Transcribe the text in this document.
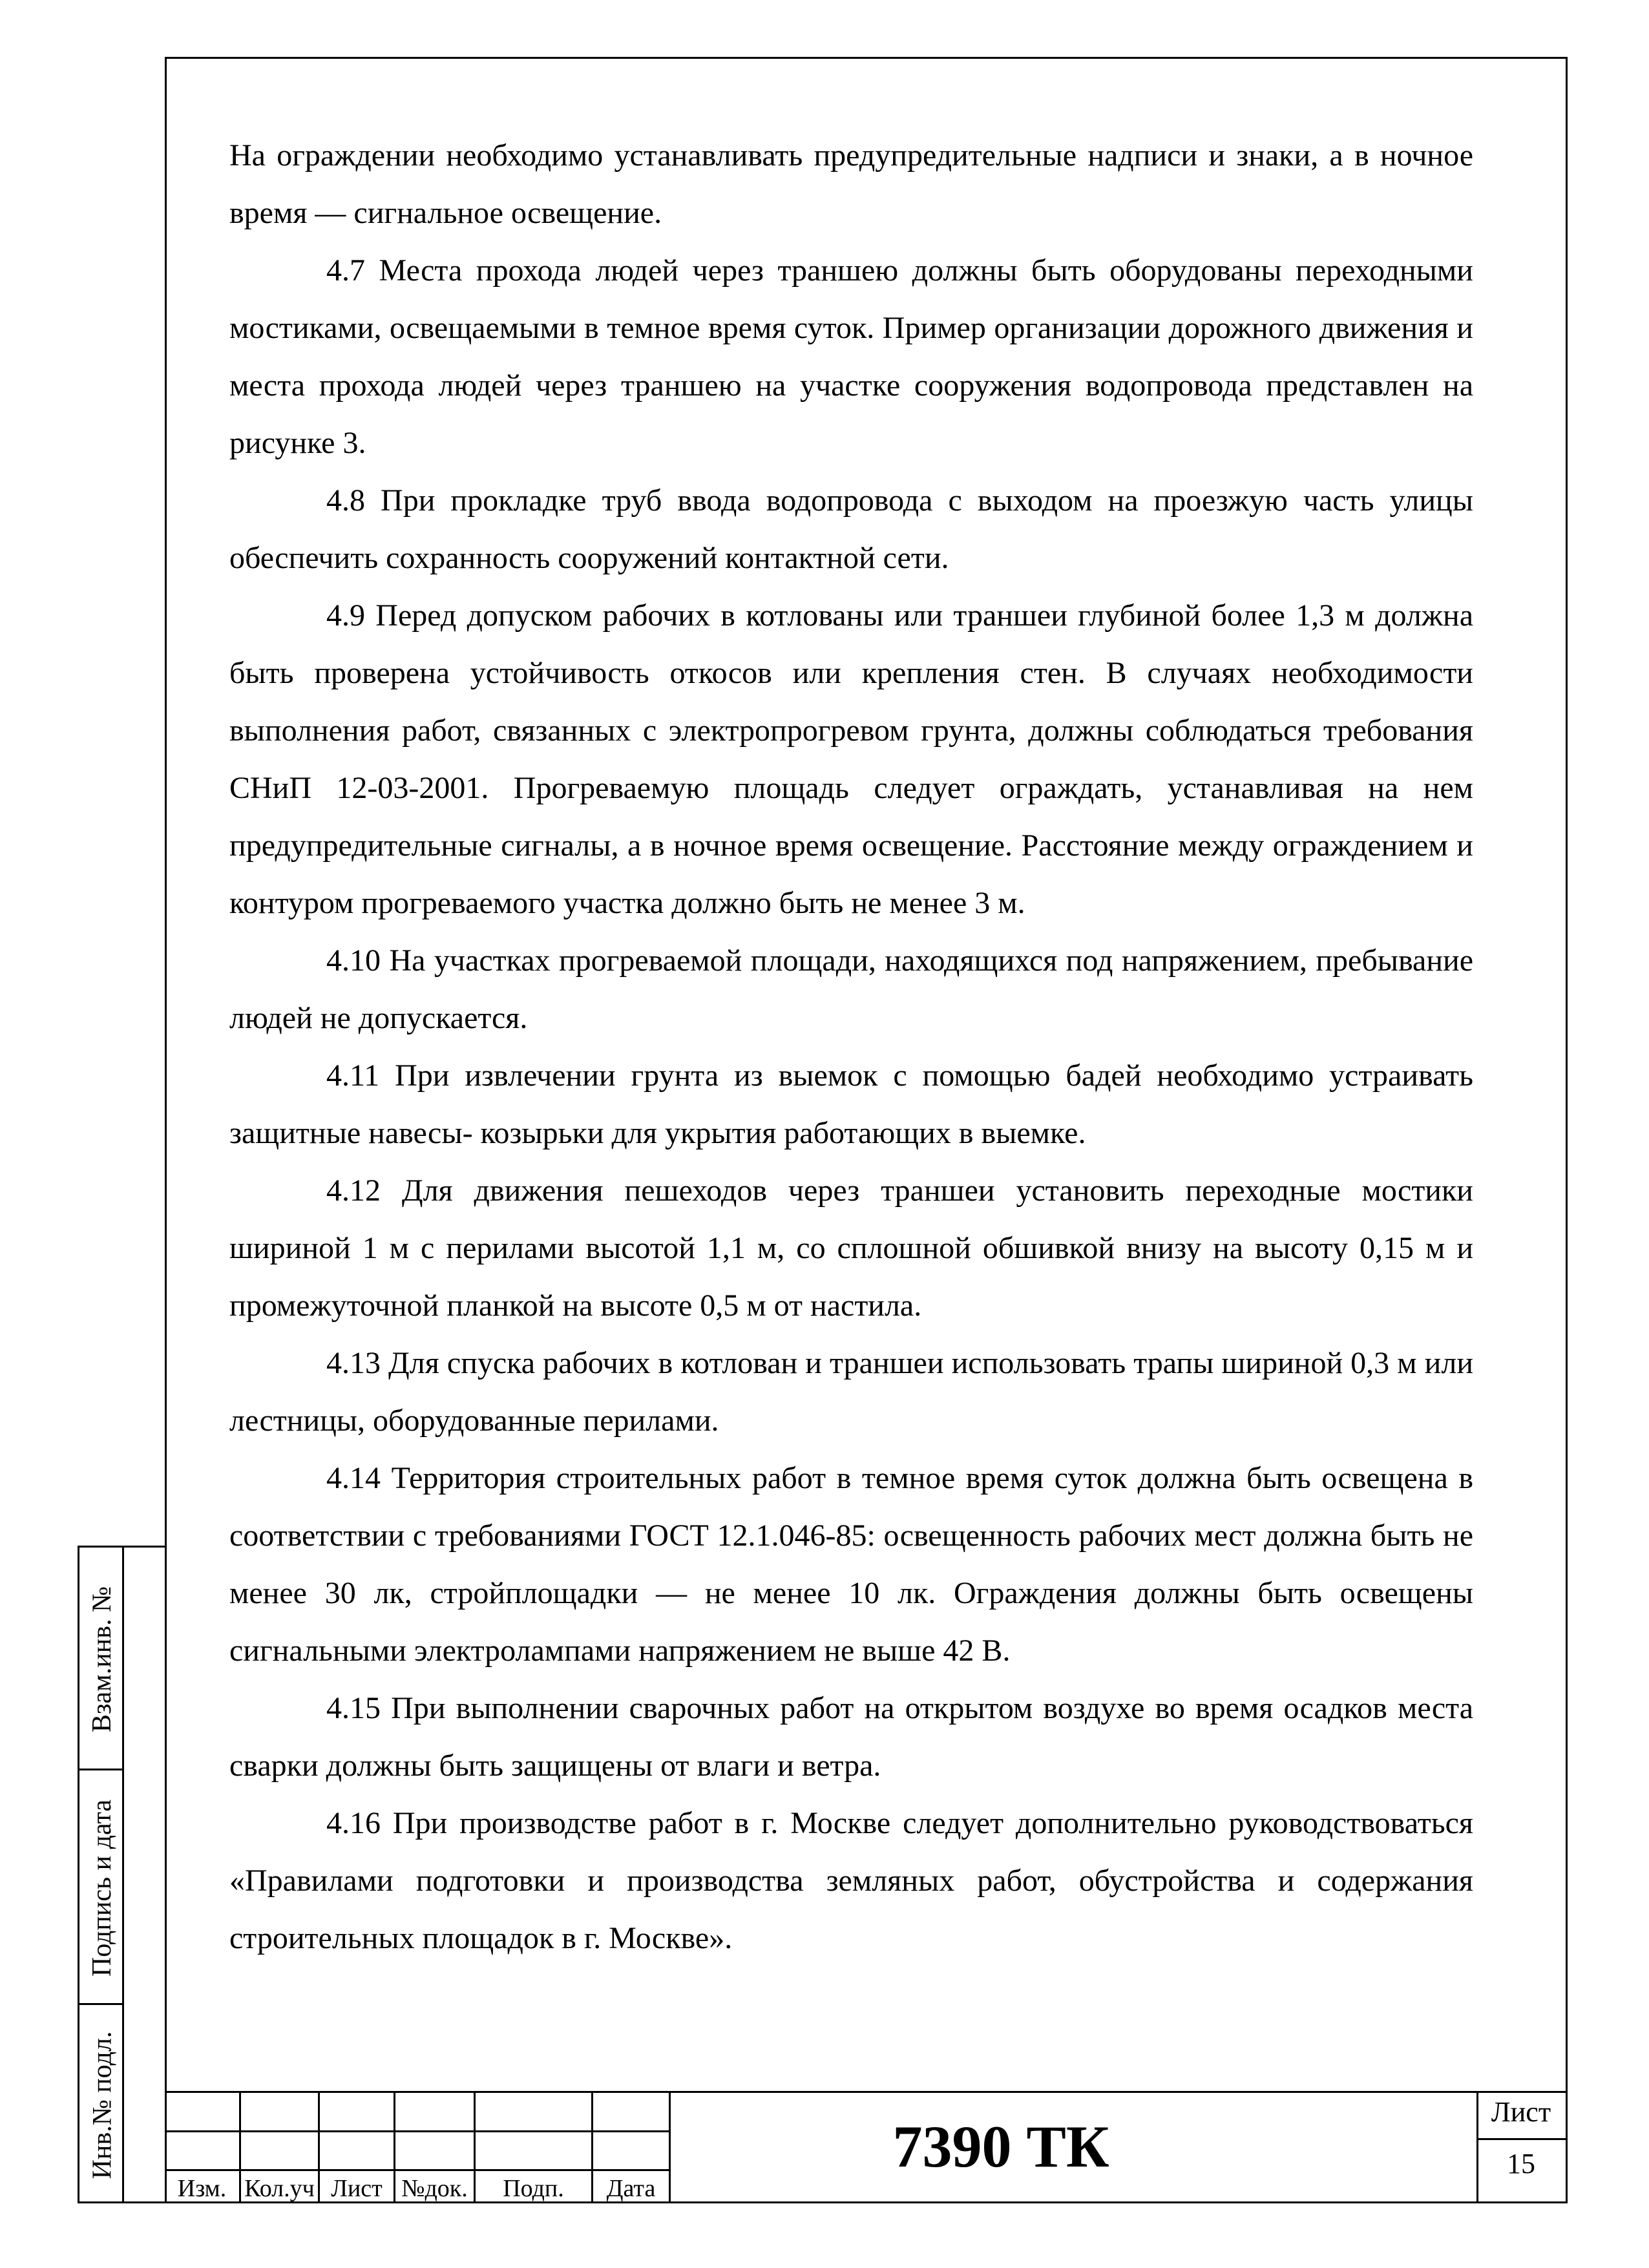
На ограждении необходимо устанавливать предупредительные надписи и знаки, а в ночное время — сигнальное освещение.

4.7 Места прохода людей через траншею должны быть оборудованы переходными мостиками, освещаемыми в темное время суток. Пример организации дорожного движения и места прохода людей через траншею на участке сооружения водопровода представлен на рисунке 3.

4.8 При прокладке труб ввода водопровода с выходом на проезжую часть улицы обеспечить сохранность сооружений контактной сети.

4.9 Перед допуском рабочих в котлованы или траншеи глубиной более 1,3 м должна быть проверена устойчивость откосов или крепления стен. В случаях необходимости выполнения работ, связанных с электропрогревом грунта, должны соблюдаться требования СНиП 12-03-2001. Прогреваемую площадь следует ограждать, устанавливая на нем предупредительные сигналы, а в ночное время освещение. Расстояние между ограждением и контуром прогреваемого участка должно быть не менее 3 м.

4.10 На участках прогреваемой площади, находящихся под напряжением, пребывание людей не допускается.

4.11 При извлечении грунта из выемок с помощью бадей необходимо устраивать защитные навесы- козырьки для укрытия работающих в выемке.

4.12 Для движения пешеходов через траншеи установить переходные мостики шириной 1 м с перилами высотой 1,1 м, со сплошной обшивкой внизу на высоту 0,15 м и промежуточной планкой на высоте 0,5 м от настила.

4.13 Для спуска рабочих в котлован и траншеи использовать трапы шириной 0,3 м или лестницы, оборудованные перилами.

4.14 Территория строительных работ в темное время суток должна быть освещена в соответствии с требованиями ГОСТ 12.1.046-85: освещенность рабочих мест должна быть не менее 30 лк, стройплощадки — не менее 10 лк. Ограждения должны быть освещены сигнальными электролампами напряжением не выше 42 В.

4.15 При выполнении сварочных работ на открытом воздухе во время осадков места сварки должны быть защищены от влаги и ветра.

4.16 При производстве работ в г. Москве следует дополнительно руководствоваться «Правилами подготовки и производства земляных работ, обустройства и содержания строительных площадок в г. Москве».

Взам.инв. №
Подпись и дата
Инв.№ подл.
Изм. Кол.уч Лист №док.	Подп.	Дата
7390 ТК
Лист
15
